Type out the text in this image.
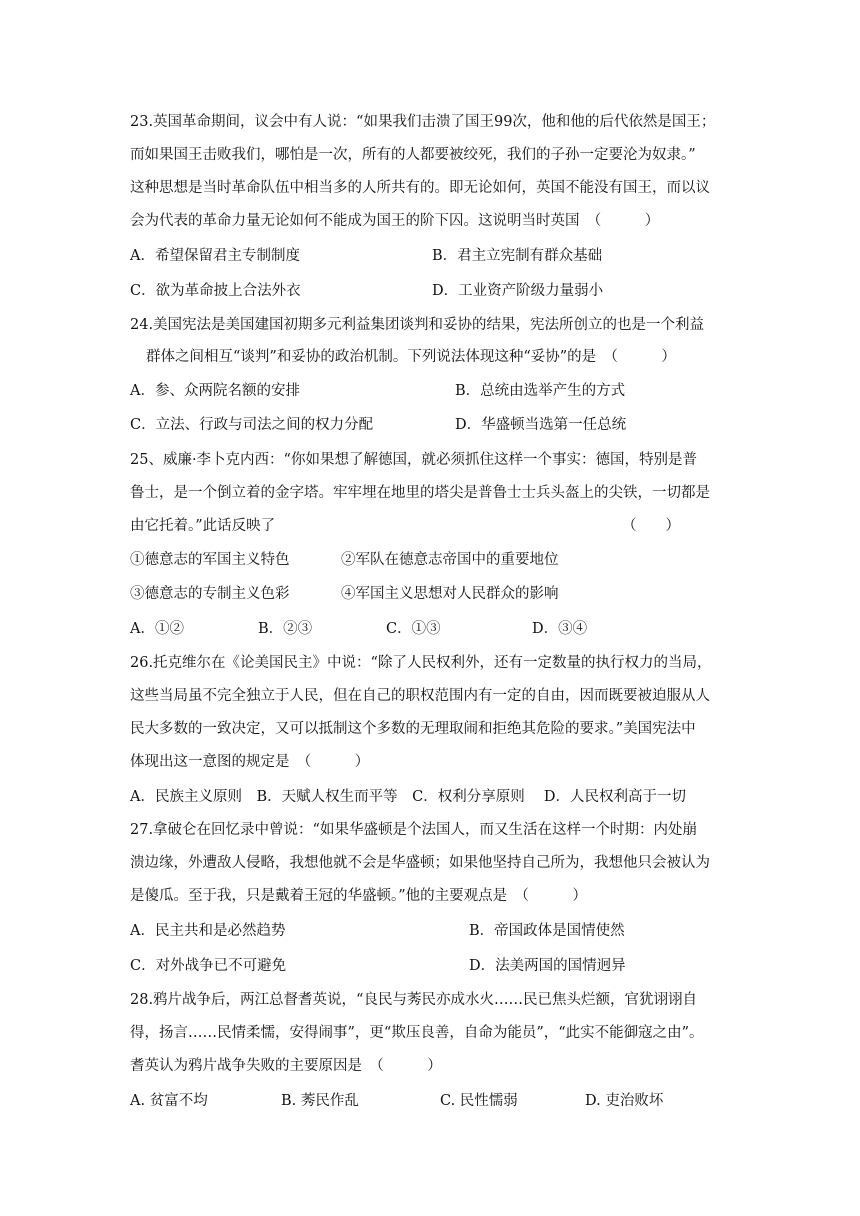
23.英国革命期间，议会中有人说：“如果我们击溃了国王99次，他和他的后代依然是国王；
而如果国王击败我们，哪怕是一次，所有的人都要被绞死，我们的子孙一定要沦为奴隶。”
这种思想是当时革命队伍中相当多的人所共有的。即无论如何，英国不能没有国王，而以议
会为代表的革命力量无论如何不能成为国王的阶下囚。这说明当时英国　（　　　）
A．希望保留君主专制制度	B．君主立宪制有群众基础
C．欲为革命披上合法外衣	D．工业资产阶级力量弱小
24.美国宪法是美国建国初期多元利益集团谈判和妥协的结果，宪法所创立的也是一个利益
群体之间相互“谈判”和妥协的政治机制。下列说法体现这种“妥协”的是　（　　　）
A．参、众两院名额的安排	B．总统由选举产生的方式
C．立法、行政与司法之间的权力分配	D．华盛顿当选第一任总统
25、威廉·李卜克内西：“你如果想了解德国，就必须抓住这样一个事实：德国，特别是普
鲁士，是一个倒立着的金字塔。牢牢埋在地里的塔尖是普鲁士士兵头盔上的尖铁，一切都是
由它托着。”此话反映了	（　　）
①德意志的军国主义特色	②军队在德意志帝国中的重要地位
③德意志的专制主义色彩	④军国主义思想对人民群众的影响
A．①②	B．②③	C．①③	D．③④
26.托克维尔在《论美国民主》中说：“除了人民权利外，还有一定数量的执行权力的当局，
这些当局虽不完全独立于人民，但在自己的职权范围内有一定的自由，因而既要被迫服从人
民大多数的一致决定，又可以抵制这个多数的无理取闹和拒绝其危险的要求。”美国宪法中
体现出这一意图的规定是　（　　　）
A．民族主义原则　B．天赋人权生而平等　C．权利分享原则　 D．人民权利高于一切
27.拿破仑在回忆录中曾说：“如果华盛顿是个法国人，而又生活在这样一个时期：内处崩
溃边缘，外遭敌人侵略，我想他就不会是华盛顿；如果他坚持自己所为，我想他只会被认为
是傻瓜。至于我，只是戴着王冠的华盛顿。”他的主要观点是　（　　　）
A．民主共和是必然趋势	B．帝国政体是国情使然
C．对外战争已不可避免	D．法美两国的国情迥异
28.鸦片战争后，两江总督耆英说，“良民与莠民亦成水火……民已焦头烂额，官犹诩诩自
得，扬言……民情柔懦，安得闹事”，更“欺压良善，自命为能员”，“此实不能御寇之由”。
耆英认为鸦片战争失败的主要原因是　（　　　）
A. 贫富不均	B. 莠民作乱	C. 民性懦弱	D. 吏治败坏
